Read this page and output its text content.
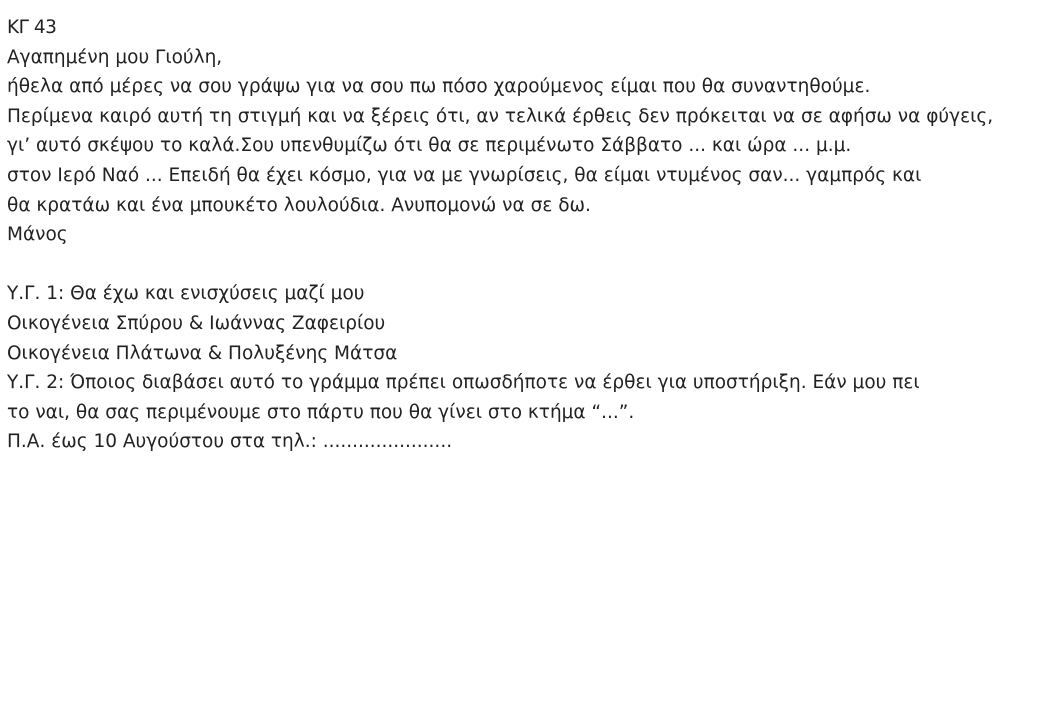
ΚΓ 43
Αγαπημένη μου Γιούλη,
ήθελα από μέρες να σου γράψω για να σου πω πόσο χαρούμενος είμαι που θα συναντηθούμε.
Περίμενα καιρό αυτή τη στιγμή και να ξέρεις ότι, αν τελικά έρθεις δεν πρόκειται να σε αφήσω να φύγεις,
γι’ αυτό σκέψου το καλά.Σου υπενθυμίζω ότι θα σε περιμένωτο Σάββατο ... και ώρα ... μ.μ.
στον Ιερό Ναό ... Επειδή θα έχει κόσμο, για να με γνωρίσεις, θα είμαι ντυμένος σαν... γαμπρός και
θα κρατάω και ένα μπουκέτο λουλούδια. Ανυπομονώ να σε δω.
Μάνος
Υ.Γ. 1: Θα έχω και ενισχύσεις μαζί μου
Οικογένεια Σπύρου & Ιωάννας Ζαφειρίου
Οικογένεια Πλάτωνα & Πολυξένης Μάτσα
Υ.Γ. 2: Όποιος διαβάσει αυτό το γράμμα πρέπει οπωσδήποτε να έρθει για υποστήριξη. Εάν μου πει
το ναι, θα σας περιμένουμε στο πάρτυ που θα γίνει στο κτήμα “...”.
Π.Α. έως 10 Αυγούστου στα τηλ.: ......................
